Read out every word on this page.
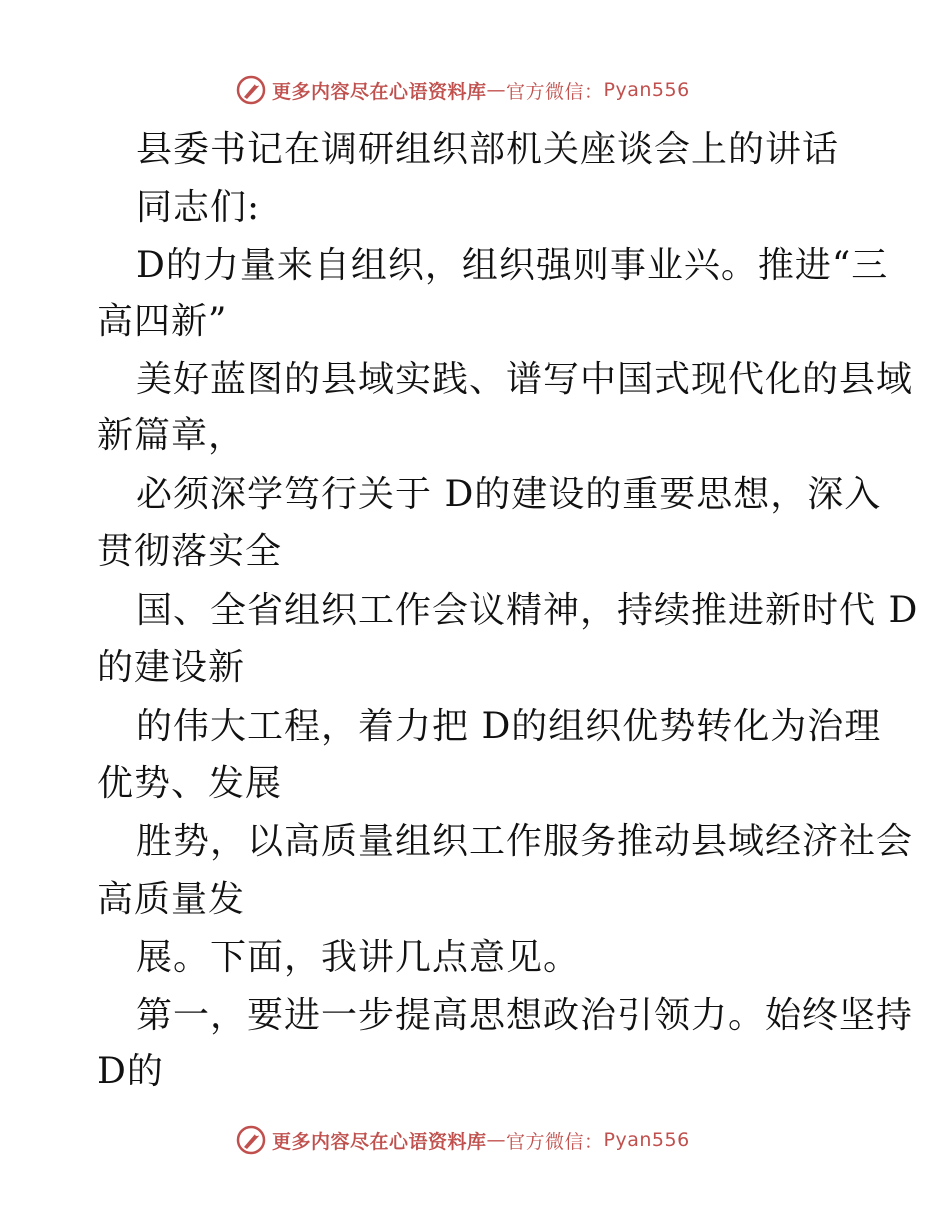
更多内容尽在心语资料库 — 官方微信： Pyan556
县委书记在调研组织部机关座谈会上的讲话
同志们:
D的力量来自组织，组织强则事业兴。推进“三
高四新”
美好蓝图的县域实践、谱写中国式现代化的县域
新篇章，
必须深学笃行关于 D的建设的重要思想，深入
贯彻落实全
国、全省组织工作会议精神，持续推进新时代 D
的建设新
的伟大工程，着力把 D的组织优势转化为治理
优势、发展
胜势，以高质量组织工作服务推动县域经济社会
高质量发
展。下面，我讲几点意见。
第一，要进一步提高思想政治引领力。始终坚持
D的
更多内容尽在心语资料库 — 官方微信： Pyan556
